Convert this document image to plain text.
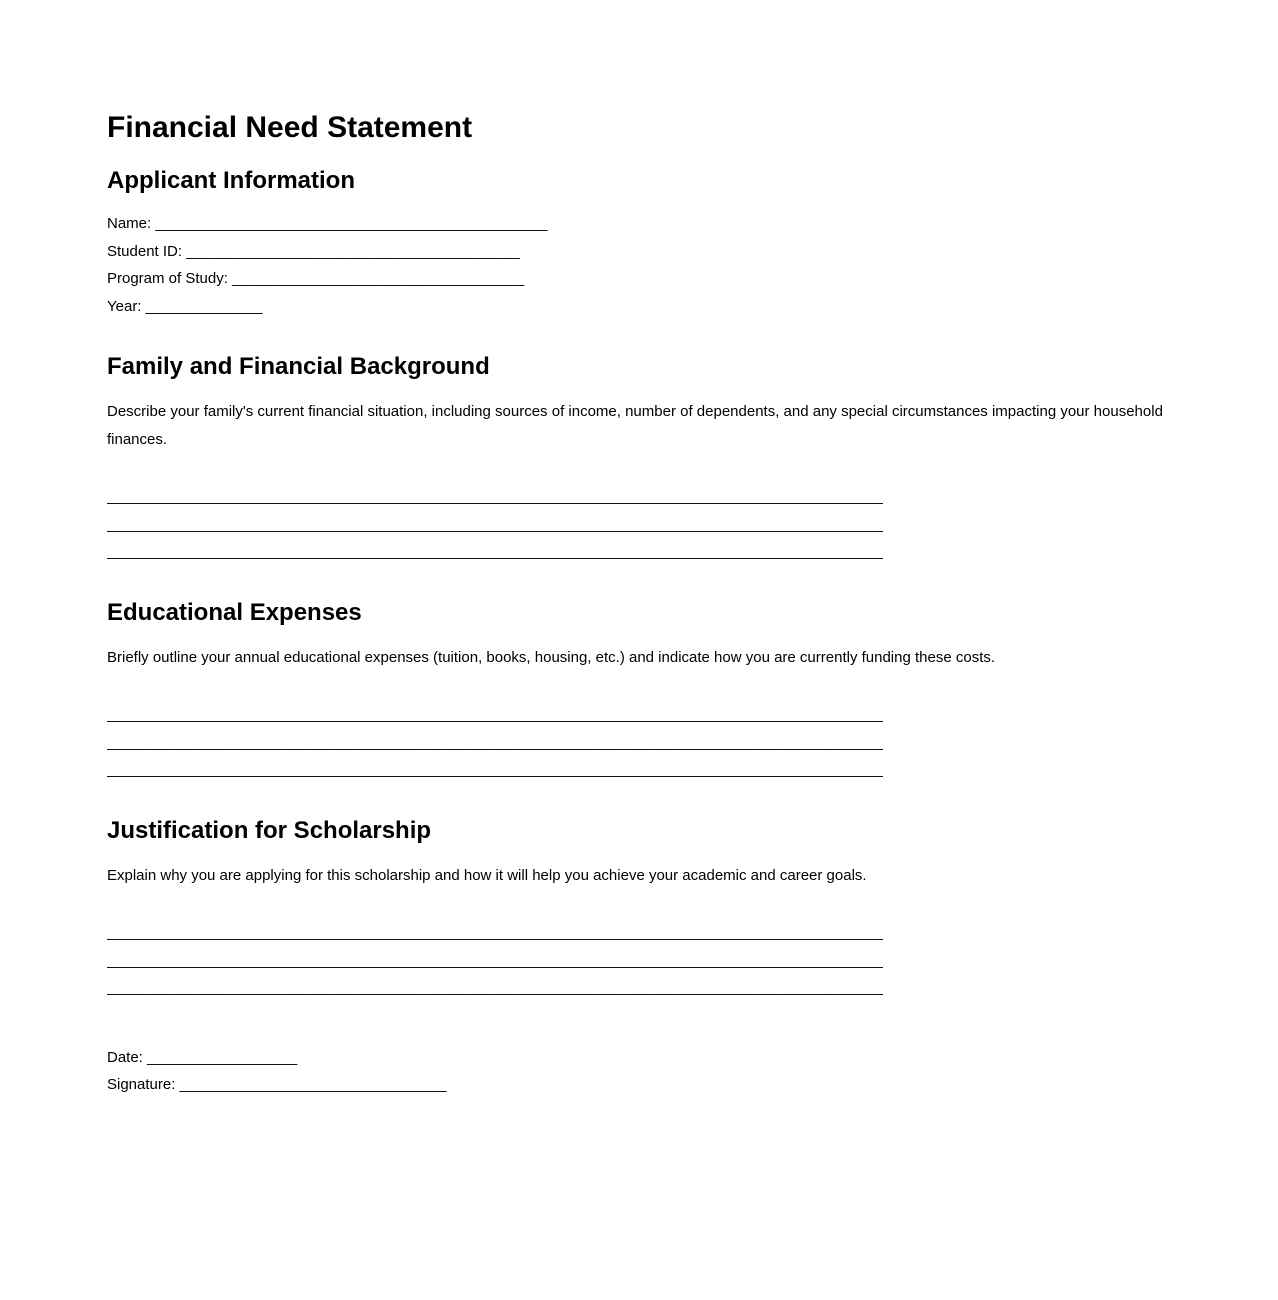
Financial Need Statement
Applicant Information
Name: _______________________________________________
Student ID: ________________________________________
Program of Study: ___________________________________
Year: ______________
Family and Financial Background

Describe your family's current financial situation, including sources of income, number of dependents, and any special circumstances impacting your household finances.

_____________________________________________________________________________________________
_____________________________________________________________________________________________
_____________________________________________________________________________________________
Educational Expenses

Briefly outline your annual educational expenses (tuition, books, housing, etc.) and indicate how you are currently funding these costs.

_____________________________________________________________________________________________
_____________________________________________________________________________________________
_____________________________________________________________________________________________
Justification for Scholarship

Explain why you are applying for this scholarship and how it will help you achieve your academic and career goals.

_____________________________________________________________________________________________
_____________________________________________________________________________________________
_____________________________________________________________________________________________
Date: __________________
Signature: ________________________________
